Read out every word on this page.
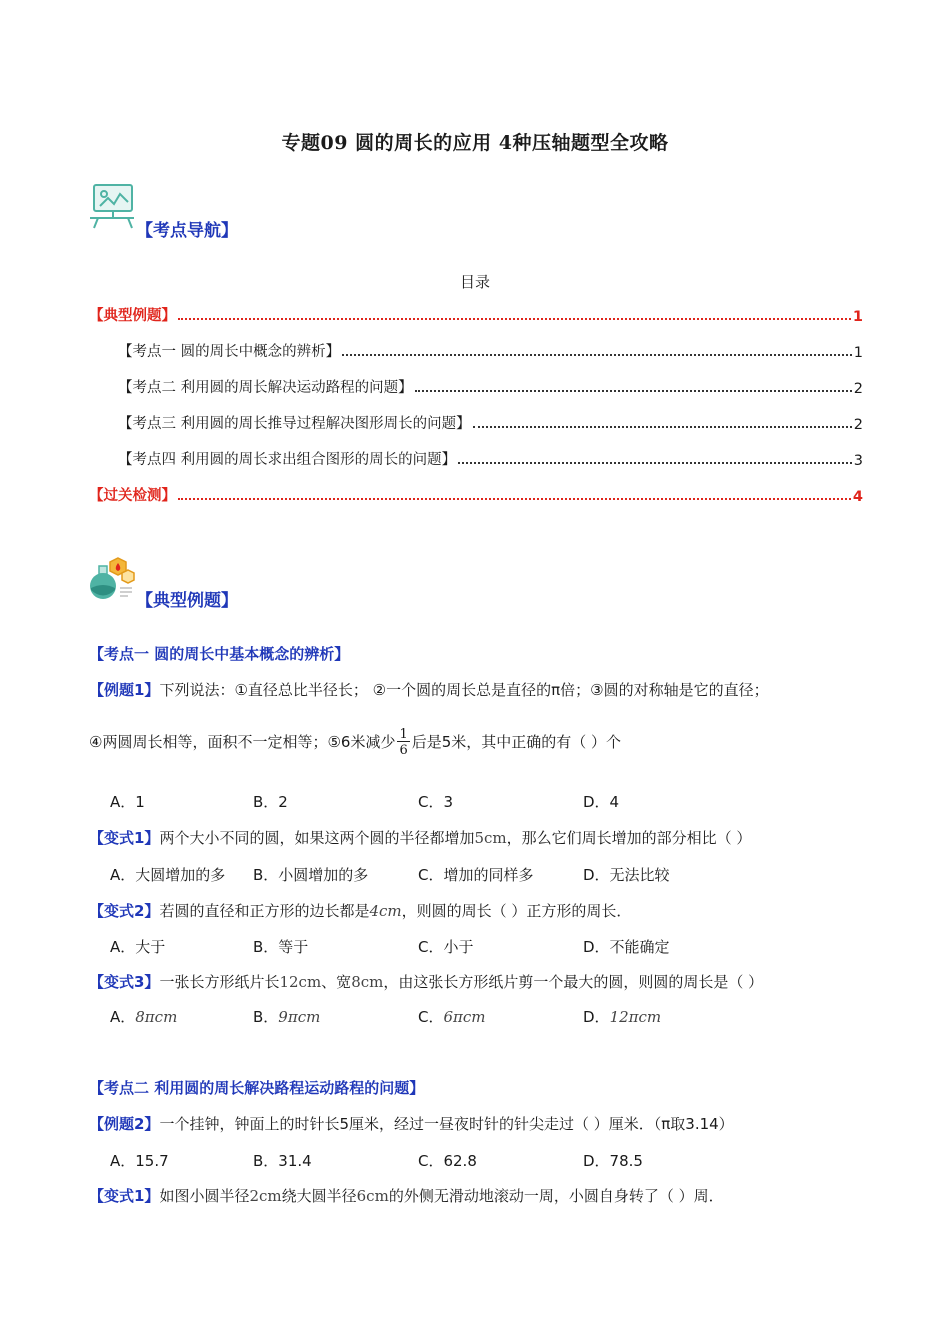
专题09 圆的周长的应用 4种压轴题型全攻略
【考点导航】
目录
【典型例题】	1
【考点一 圆的周长中概念的辨析】	1
【考点二 利用圆的周长解决运动路程的问题】	2
【考点三 利用圆的周长推导过程解决图形周长的问题】	2
【考点四 利用圆的周长求出组合图形的周长的问题】	3
【过关检测】	4
【典型例题】
【考点一 圆的周长中基本概念的辨析】
【例题1】下列说法：①直径总比半径长； ②一个圆的周长总是直径的π倍；③圆的对称轴是它的直径；
④两圆周长相等，面积不一定相等；⑤6米减少 $\frac{1}{6}$ 后是5米，其中正确的有（ ）个
A．1	B．2	C．3	D．4
【变式1】两个大小不同的圆，如果这两个圆的半径都增加5cm，那么它们周长增加的部分相比（ ）
A．大圆增加的多 B．小圆增加的多	C．增加的同样多	D．无法比较
【变式2】若圆的直径和正方形的边长都是4cm，则圆的周长（ ）正方形的周长．
A．大于	B．等于	C．小于	D．不能确定
【变式3】一张长方形纸片长12cm、宽8cm，由这张长方形纸片剪一个最大的圆，则圆的周长是（ ）
A．8πcm	B．9πcm	C．6πcm	D．12πcm
【考点二 利用圆的周长解决路程运动路程的问题】
【例题2】一个挂钟，钟面上的时针长5厘米，经过一昼夜时针的针尖走过（ ）厘米．（π取3.14）
A．15.7	B．31.4	C．62.8	D．78.5
【变式1】如图小圆半径2cm绕大圆半径6cm的外侧无滑动地滚动一周，小圆自身转了（ ）周．
